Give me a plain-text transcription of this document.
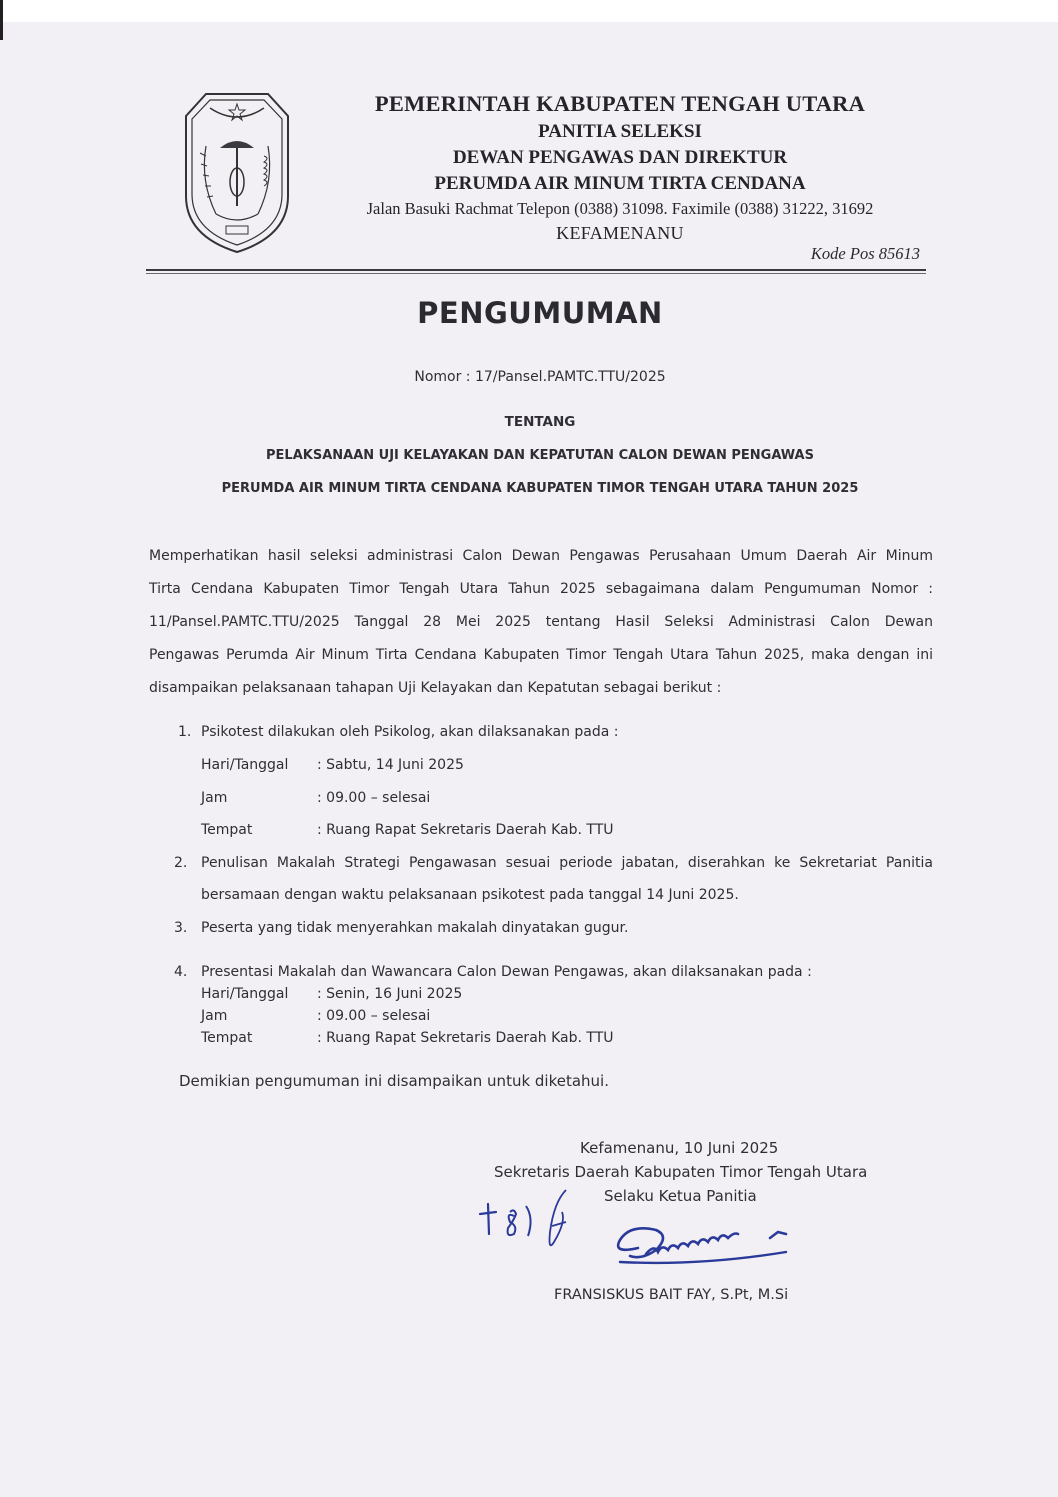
PEMERINTAH KABUPATEN TENGAH UTARA
PANITIA SELEKSI
DEWAN PENGAWAS DAN DIREKTUR
PERUMDA AIR MINUM TIRTA CENDANA
Jalan Basuki Rachmat Telepon (0388) 31098. Faximile (0388) 31222, 31692
KEFAMENANU
Kode Pos 85613
PENGUMUMAN
Nomor : 17/Pansel.PAMTC.TTU/2025
TENTANG
PELAKSANAAN UJI KELAYAKAN DAN KEPATUTAN CALON DEWAN PENGAWAS
PERUMDA AIR MINUM TIRTA CENDANA KABUPATEN TIMOR TENGAH UTARA TAHUN 2025
Memperhatikan hasil seleksi administrasi Calon Dewan Pengawas Perusahaan Umum Daerah Air Minum
Tirta Cendana Kabupaten Timor Tengah Utara Tahun 2025 sebagaimana dalam Pengumuman Nomor :
11/Pansel.PAMTC.TTU/2025 Tanggal 28 Mei 2025 tentang Hasil Seleksi Administrasi Calon Dewan
Pengawas Perumda Air Minum Tirta Cendana Kabupaten Timor Tengah Utara Tahun 2025, maka dengan ini
disampaikan pelaksanaan tahapan Uji Kelayakan dan Kepatutan sebagai berikut :
1. Psikotest dilakukan oleh Psikolog, akan dilaksanakan pada :
Hari/Tanggal : Sabtu, 14 Juni 2025
Jam	: 09.00 – selesai
Tempat	: Ruang Rapat Sekretaris Daerah Kab. TTU
2. Penulisan Makalah Strategi Pengawasan sesuai periode jabatan, diserahkan ke Sekretariat Panitia
bersamaan dengan waktu pelaksanaan psikotest pada tanggal 14 Juni 2025.
3. Peserta yang tidak menyerahkan makalah dinyatakan gugur.
4. Presentasi Makalah dan Wawancara Calon Dewan Pengawas, akan dilaksanakan pada :
Hari/Tanggal : Senin, 16 Juni 2025
Jam	: 09.00 – selesai
Tempat	: Ruang Rapat Sekretaris Daerah Kab. TTU
Demikian pengumuman ini disampaikan untuk diketahui.
Kefamenanu, 10 Juni 2025
Sekretaris Daerah Kabupaten Timor Tengah Utara
Selaku Ketua Panitia
FRANSISKUS BAIT FAY, S.Pt, M.Si
